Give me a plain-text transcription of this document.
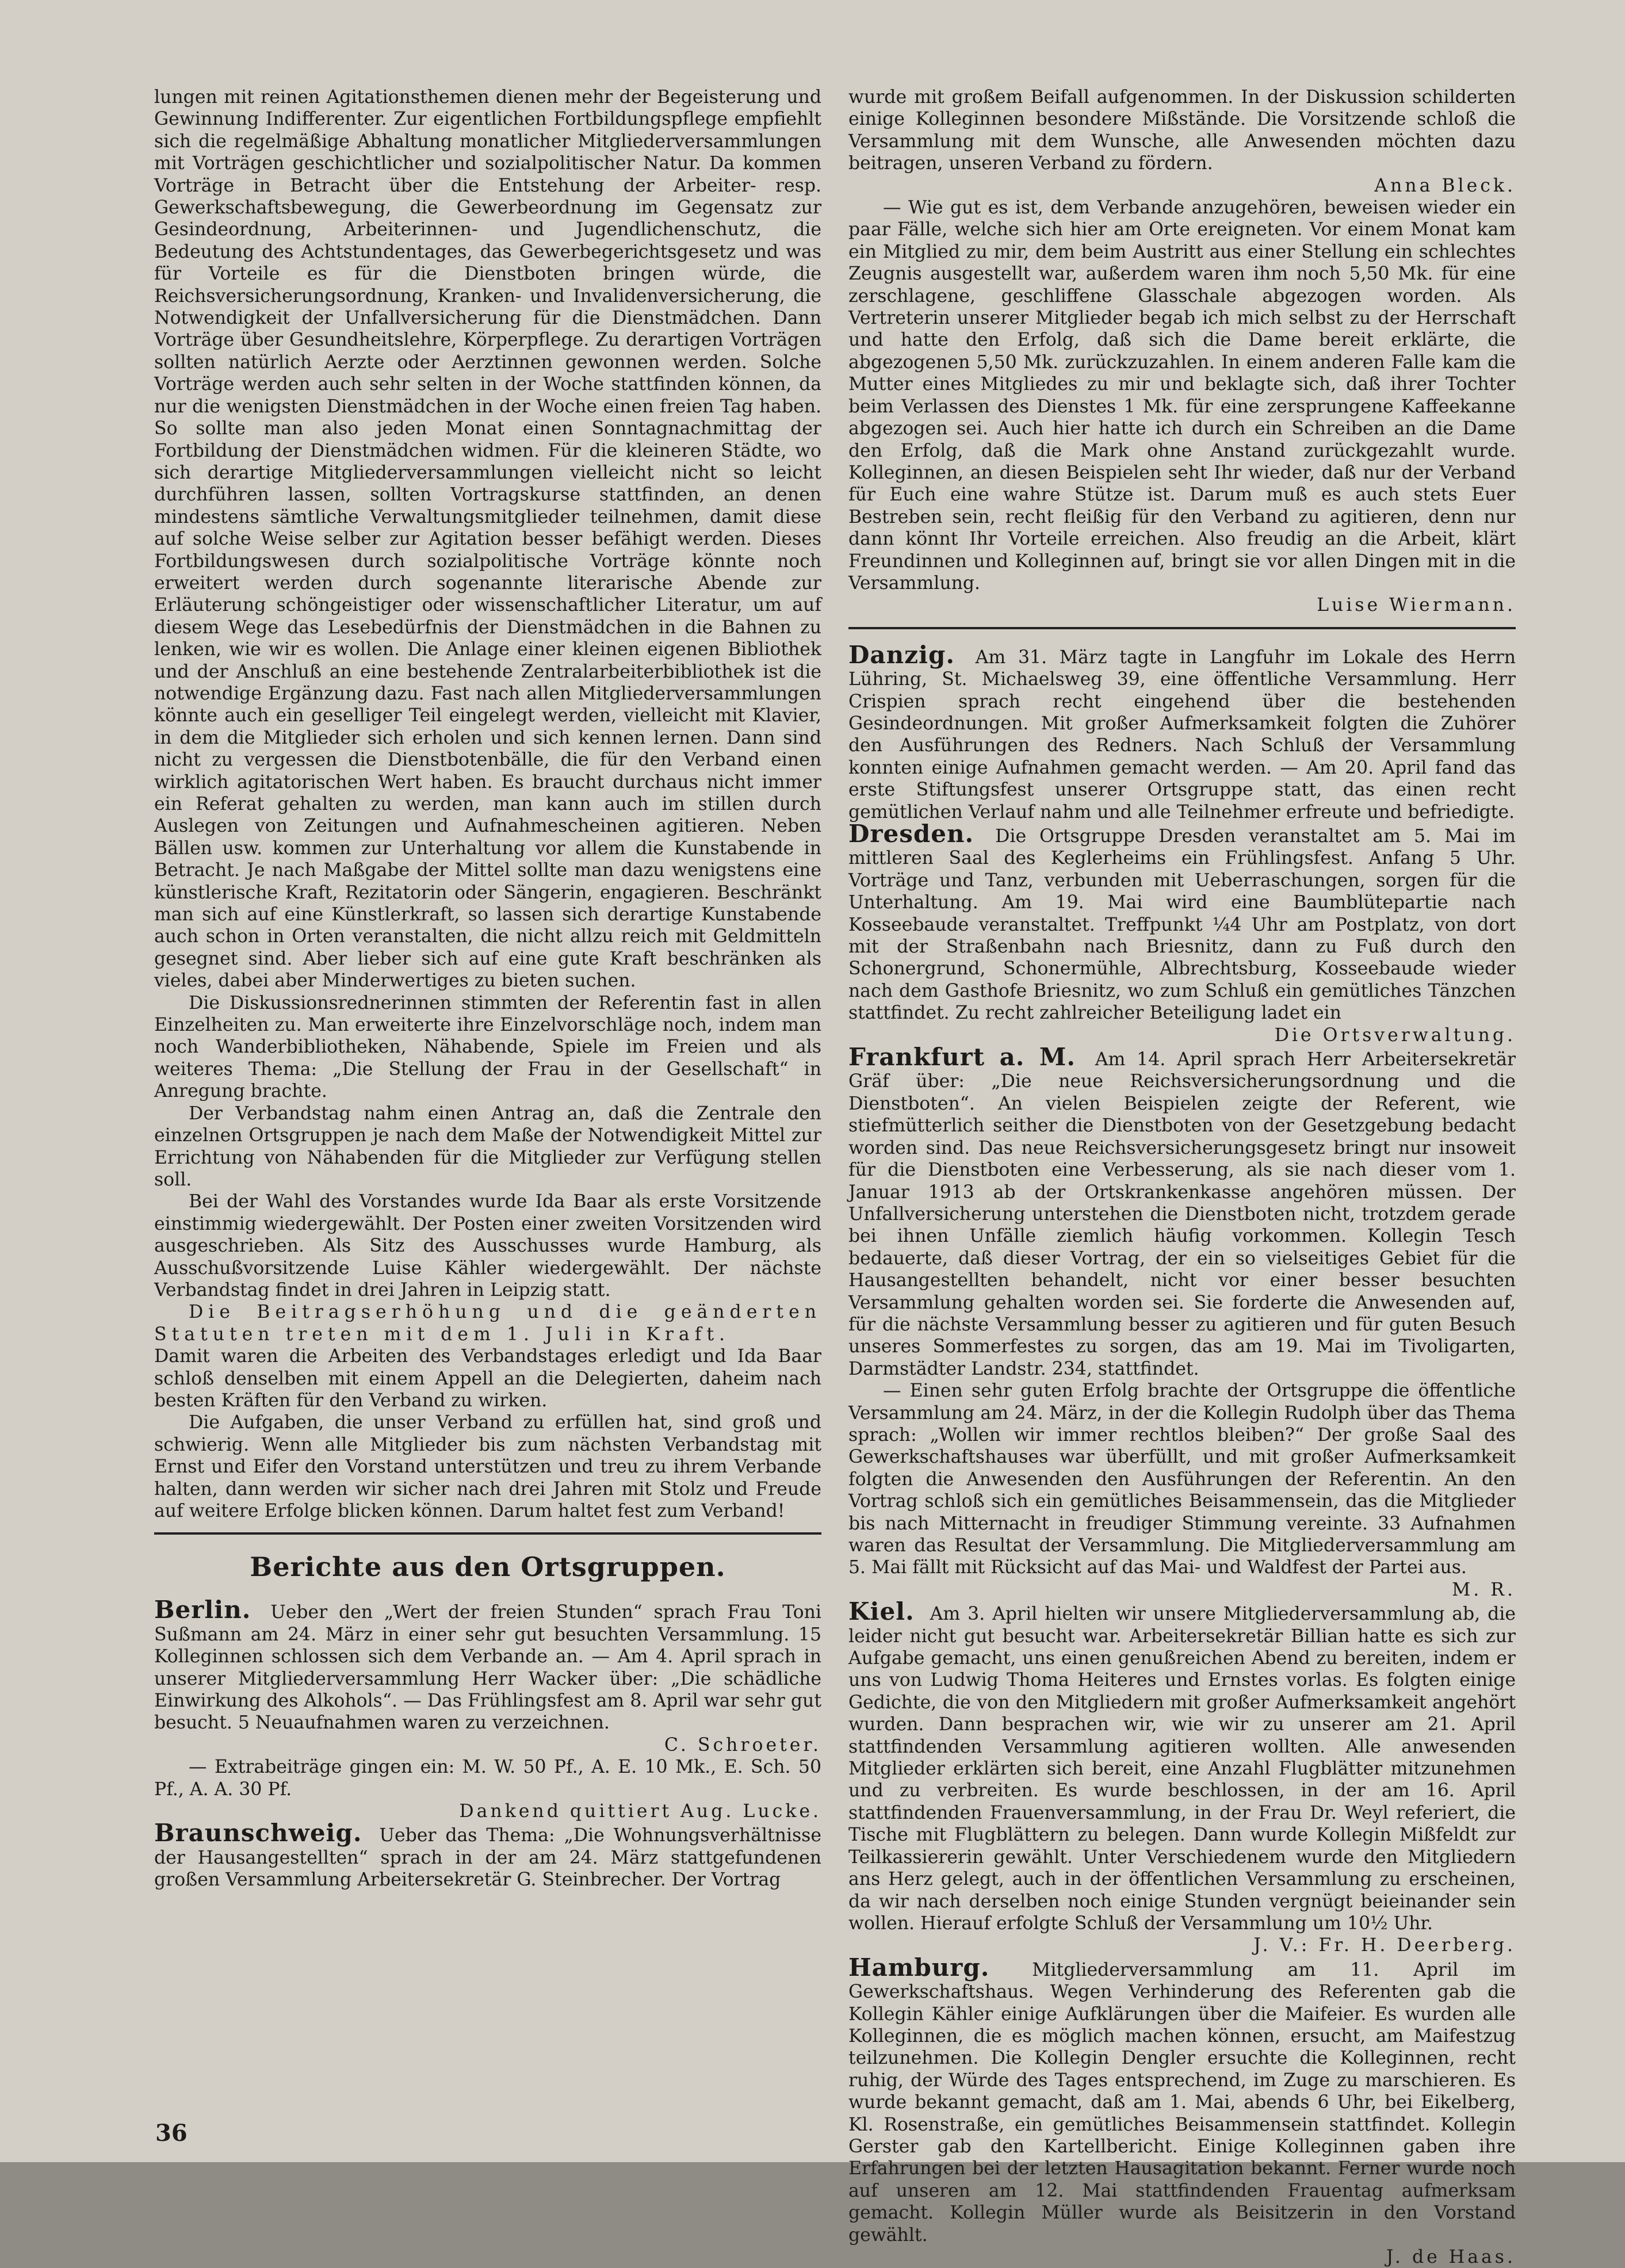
lungen mit reinen Agitationsthemen dienen mehr der Begeisterung und Gewinnung Indifferenter. Zur eigentlichen Fortbildungspflege empfiehlt sich die regelmäßige Abhaltung monatlicher Mitgliederversammlungen mit Vorträgen geschichtlicher und sozialpolitischer Natur. Da kommen Vorträge in Betracht über die Entstehung der Arbeiter- resp. Gewerkschaftsbewegung, die Gewerbeordnung im Gegensatz zur Gesindeordnung, Arbeiterinnen- und Jugendlichenschutz, die Bedeutung des Achtstundentages, das Gewerbegerichtsgesetz und was für Vorteile es für die Dienstboten bringen würde, die Reichsversicherungsordnung, Kranken- und Invalidenversicherung, die Notwendigkeit der Unfallversicherung für die Dienstmädchen. Dann Vorträge über Gesundheitslehre, Körperpflege. Zu derartigen Vorträgen sollten natürlich Aerzte oder Aerztinnen gewonnen werden. Solche Vorträge werden auch sehr selten in der Woche stattfinden können, da nur die wenigsten Dienstmädchen in der Woche einen freien Tag haben. So sollte man also jeden Monat einen Sonntagnachmittag der Fortbildung der Dienstmädchen widmen. Für die kleineren Städte, wo sich derartige Mitgliederversammlungen vielleicht nicht so leicht durchführen lassen, sollten Vortragskurse stattfinden, an denen mindestens sämtliche Verwaltungsmitglieder teilnehmen, damit diese auf solche Weise selber zur Agitation besser befähigt werden. Dieses Fortbildungswesen durch sozialpolitische Vorträge könnte noch erweitert werden durch sogenannte literarische Abende zur Erläuterung schöngeistiger oder wissenschaftlicher Literatur, um auf diesem Wege das Lesebedürfnis der Dienstmädchen in die Bahnen zu lenken, wie wir es wollen. Die Anlage einer kleinen eigenen Bibliothek und der Anschluß an eine bestehende Zentralarbeiterbibliothek ist die notwendige Ergänzung dazu. Fast nach allen Mitgliederversammlungen könnte auch ein geselliger Teil eingelegt werden, vielleicht mit Klavier, in dem die Mitglieder sich erholen und sich kennen lernen. Dann sind nicht zu vergessen die Dienstbotenbälle, die für den Verband einen wirklich agitatorischen Wert haben. Es braucht durchaus nicht immer ein Referat gehalten zu werden, man kann auch im stillen durch Auslegen von Zeitungen und Aufnahmescheinen agitieren. Neben Bällen usw. kommen zur Unterhaltung vor allem die Kunstabende in Betracht. Je nach Maßgabe der Mittel sollte man dazu wenigstens eine künstlerische Kraft, Rezitatorin oder Sängerin, engagieren. Beschränkt man sich auf eine Künstlerkraft, so lassen sich derartige Kunstabende auch schon in Orten veranstalten, die nicht allzu reich mit Geldmitteln gesegnet sind. Aber lieber sich auf eine gute Kraft beschränken als vieles, dabei aber Minderwertiges zu bieten suchen.

Die Diskussionsrednerinnen stimmten der Referentin fast in allen Einzelheiten zu. Man erweiterte ihre Einzelvorschläge noch, indem man noch Wanderbibliotheken, Nähabende, Spiele im Freien und als weiteres Thema: „Die Stellung der Frau in der Gesellschaft“ in Anregung brachte.

Der Verbandstag nahm einen Antrag an, daß die Zentrale den einzelnen Ortsgruppen je nach dem Maße der Notwendigkeit Mittel zur Errichtung von Nähabenden für die Mitglieder zur Verfügung stellen soll.

Bei der Wahl des Vorstandes wurde Ida Baar als erste Vorsitzende einstimmig wiedergewählt. Der Posten einer zweiten Vorsitzenden wird ausgeschrieben. Als Sitz des Ausschusses wurde Hamburg, als Ausschußvorsitzende Luise Kähler wiedergewählt. Der nächste Verbandstag findet in drei Jahren in Leipzig statt.

Die Beitragserhöhung und die geänderten Statuten treten mit dem 1. Juli in Kraft.

Damit waren die Arbeiten des Verbandstages erledigt und Ida Baar schloß denselben mit einem Appell an die Delegierten, daheim nach besten Kräften für den Verband zu wirken.

Die Aufgaben, die unser Verband zu erfüllen hat, sind groß und schwierig. Wenn alle Mitglieder bis zum nächsten Verbandstag mit Ernst und Eifer den Vorstand unterstützen und treu zu ihrem Verbande halten, dann werden wir sicher nach drei Jahren mit Stolz und Freude auf weitere Erfolge blicken können. Darum haltet fest zum Verband!

Berichte aus den Ortsgruppen.

Berlin. Ueber den „Wert der freien Stunden“ sprach Frau Toni Sußmann am 24. März in einer sehr gut besuchten Versammlung. 15 Kolleginnen schlossen sich dem Verbande an. — Am 4. April sprach in unserer Mitgliederversammlung Herr Wacker über: „Die schädliche Einwirkung des Alkohols“. — Das Frühlingsfest am 8. April war sehr gut besucht. 5 Neuaufnahmen waren zu verzeichnen.

C. Schroeter.

— Extrabeiträge gingen ein: M. W. 50 Pf., A. E. 10 Mk., E. Sch. 50 Pf., A. A. 30 Pf.

Dankend quittiert Aug. Lucke.

Braunschweig. Ueber das Thema: „Die Wohnungsverhältnisse der Hausangestellten“ sprach in der am 24. März stattgefundenen großen Versammlung Arbeitersekretär G. Steinbrecher. Der Vortrag

wurde mit großem Beifall aufgenommen. In der Diskussion schilderten einige Kolleginnen besondere Mißstände. Die Vorsitzende schloß die Versammlung mit dem Wunsche, alle Anwesenden möchten dazu beitragen, unseren Verband zu fördern.

Anna Bleck.

— Wie gut es ist, dem Verbande anzugehören, beweisen wieder ein paar Fälle, welche sich hier am Orte ereigneten. Vor einem Monat kam ein Mitglied zu mir, dem beim Austritt aus einer Stellung ein schlechtes Zeugnis ausgestellt war, außerdem waren ihm noch 5,50 Mk. für eine zerschlagene, geschliffene Glasschale abgezogen worden. Als Vertreterin unserer Mitglieder begab ich mich selbst zu der Herrschaft und hatte den Erfolg, daß sich die Dame bereit erklärte, die abgezogenen 5,50 Mk. zurückzuzahlen. In einem anderen Falle kam die Mutter eines Mitgliedes zu mir und beklagte sich, daß ihrer Tochter beim Verlassen des Dienstes 1 Mk. für eine zersprungene Kaffeekanne abgezogen sei. Auch hier hatte ich durch ein Schreiben an die Dame den Erfolg, daß die Mark ohne Anstand zurückgezahlt wurde. Kolleginnen, an diesen Beispielen seht Ihr wieder, daß nur der Verband für Euch eine wahre Stütze ist. Darum muß es auch stets Euer Bestreben sein, recht fleißig für den Verband zu agitieren, denn nur dann könnt Ihr Vorteile erreichen. Also freudig an die Arbeit, klärt Freundinnen und Kolleginnen auf, bringt sie vor allen Dingen mit in die Versammlung.

Luise Wiermann.

Danzig. Am 31. März tagte in Langfuhr im Lokale des Herrn Lühring, St. Michaelsweg 39, eine öffentliche Versammlung. Herr Crispien sprach recht eingehend über die bestehenden Gesindeordnungen. Mit großer Aufmerksamkeit folgten die Zuhörer den Ausführungen des Redners. Nach Schluß der Versammlung konnten einige Aufnahmen gemacht werden. — Am 20. April fand das erste Stiftungsfest unserer Ortsgruppe statt, das einen recht gemütlichen Verlauf nahm und alle Teilnehmer erfreute und befriedigte.

Dresden. Die Ortsgruppe Dresden veranstaltet am 5. Mai im mittleren Saal des Keglerheims ein Frühlingsfest. Anfang 5 Uhr. Vorträge und Tanz, verbunden mit Ueberraschungen, sorgen für die Unterhaltung. Am 19. Mai wird eine Baumblütepartie nach Kosseebaude veranstaltet. Treffpunkt ¼4 Uhr am Postplatz, von dort mit der Straßenbahn nach Briesnitz, dann zu Fuß durch den Schonergrund, Schonermühle, Albrechtsburg, Kosseebaude wieder nach dem Gasthofe Briesnitz, wo zum Schluß ein gemütliches Tänzchen stattfindet. Zu recht zahlreicher Beteiligung ladet ein

Die Ortsverwaltung.

Frankfurt a. M. Am 14. April sprach Herr Arbeitersekretär Gräf über: „Die neue Reichsversicherungsordnung und die Dienstboten“. An vielen Beispielen zeigte der Referent, wie stiefmütterlich seither die Dienstboten von der Gesetzgebung bedacht worden sind. Das neue Reichsversicherungsgesetz bringt nur insoweit für die Dienstboten eine Verbesserung, als sie nach dieser vom 1. Januar 1913 ab der Ortskrankenkasse angehören müssen. Der Unfallversicherung unterstehen die Dienstboten nicht, trotzdem gerade bei ihnen Unfälle ziemlich häufig vorkommen. Kollegin Tesch bedauerte, daß dieser Vortrag, der ein so vielseitiges Gebiet für die Hausangestellten behandelt, nicht vor einer besser besuchten Versammlung gehalten worden sei. Sie forderte die Anwesenden auf, für die nächste Versammlung besser zu agitieren und für guten Besuch unseres Sommerfestes zu sorgen, das am 19. Mai im Tivoligarten, Darmstädter Landstr. 234, stattfindet.

— Einen sehr guten Erfolg brachte der Ortsgruppe die öffentliche Versammlung am 24. März, in der die Kollegin Rudolph über das Thema sprach: „Wollen wir immer rechtlos bleiben?“ Der große Saal des Gewerkschaftshauses war überfüllt, und mit großer Aufmerksamkeit folgten die Anwesenden den Ausführungen der Referentin. An den Vortrag schloß sich ein gemütliches Beisammensein, das die Mitglieder bis nach Mitternacht in freudiger Stimmung vereinte. 33 Aufnahmen waren das Resultat der Versammlung. Die Mitgliederversammlung am 5. Mai fällt mit Rücksicht auf das Mai- und Waldfest der Partei aus.

M. R.

Kiel. Am 3. April hielten wir unsere Mitgliederversammlung ab, die leider nicht gut besucht war. Arbeitersekretär Billian hatte es sich zur Aufgabe gemacht, uns einen genußreichen Abend zu bereiten, indem er uns von Ludwig Thoma Heiteres und Ernstes vorlas. Es folgten einige Gedichte, die von den Mitgliedern mit großer Aufmerksamkeit angehört wurden. Dann besprachen wir, wie wir zu unserer am 21. April stattfindenden Versammlung agitieren wollten. Alle anwesenden Mitglieder erklärten sich bereit, eine Anzahl Flugblätter mitzunehmen und zu verbreiten. Es wurde beschlossen, in der am 16. April stattfindenden Frauenversammlung, in der Frau Dr. Weyl referiert, die Tische mit Flugblättern zu belegen. Dann wurde Kollegin Mißfeldt zur Teilkassiererin gewählt. Unter Verschiedenem wurde den Mitgliedern ans Herz gelegt, auch in der öffentlichen Versammlung zu erscheinen, da wir nach derselben noch einige Stunden vergnügt beieinander sein wollen. Hierauf erfolgte Schluß der Versammlung um 10½ Uhr.

J. V.: Fr. H. Deerberg.

Hamburg. Mitgliederversammlung am 11. April im Gewerkschaftshaus. Wegen Verhinderung des Referenten gab die Kollegin Kähler einige Aufklärungen über die Maifeier. Es wurden alle Kolleginnen, die es möglich machen können, ersucht, am Maifestzug teilzunehmen. Die Kollegin Dengler ersuchte die Kolleginnen, recht ruhig, der Würde des Tages entsprechend, im Zuge zu marschieren. Es wurde bekannt gemacht, daß am 1. Mai, abends 6 Uhr, bei Eikelberg, Kl. Rosenstraße, ein gemütliches Beisammensein stattfindet. Kollegin Gerster gab den Kartellbericht. Einige Kolleginnen gaben ihre Erfahrungen bei der letzten Hausagitation bekannt. Ferner wurde noch auf unseren am 12. Mai stattfindenden Frauentag aufmerksam gemacht. Kollegin Müller wurde als Beisitzerin in den Vorstand gewählt.

J. de Haas.

36
